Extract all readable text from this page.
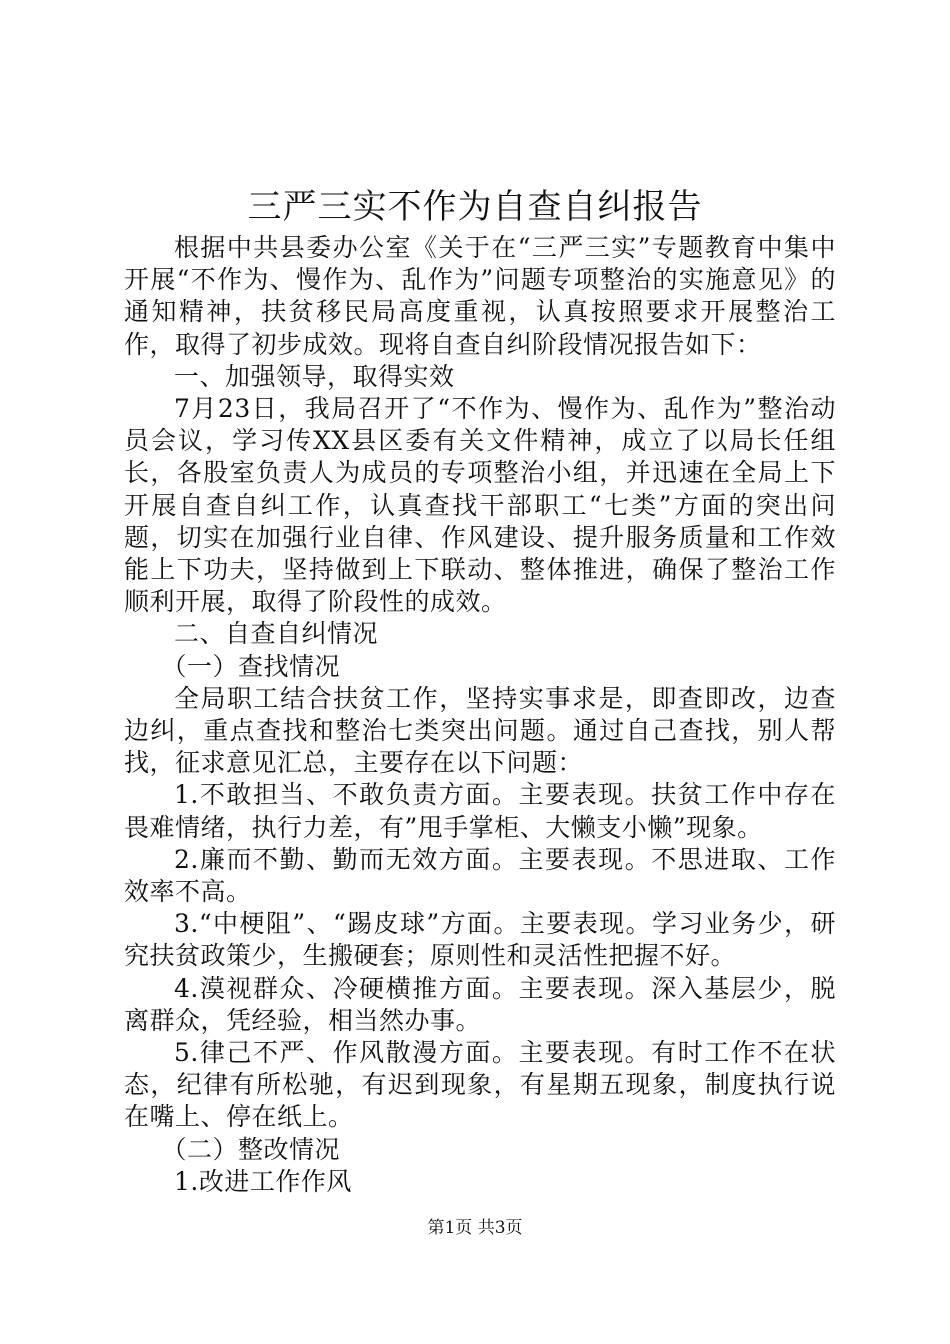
三严三实不作为自查自纠报告

根据中共县委办公室《关于在“三严三实”专题教育中集中开展“不作为、慢作为、乱作为”问题专项整治的实施意见》的通知精神，扶贫移民局高度重视，认真按照要求开展整治工作，取得了初步成效。现将自查自纠阶段情况报告如下：

一、加强领导，取得实效

7月23日，我局召开了“不作为、慢作为、乱作为”整治动员会议，学习传XX县区委有关文件精神，成立了以局长任组长，各股室负责人为成员的专项整治小组，并迅速在全局上下开展自查自纠工作，认真查找干部职工“七类”方面的突出问题，切实在加强行业自律、作风建设、提升服务质量和工作效能上下功夫，坚持做到上下联动、整体推进，确保了整治工作顺利开展，取得了阶段性的成效。

二、自查自纠情况

（一）查找情况

全局职工结合扶贫工作，坚持实事求是，即查即改，边查边纠，重点查找和整治七类突出问题。通过自己查找，别人帮找，征求意见汇总，主要存在以下问题：

1.不敢担当、不敢负责方面。主要表现。扶贫工作中存在畏难情绪，执行力差，有”甩手掌柜、大懒支小懒”现象。

2.廉而不勤、勤而无效方面。主要表现。不思进取、工作效率不高。

3.“中梗阻”、“踢皮球”方面。主要表现。学习业务少，研究扶贫政策少，生搬硬套；原则性和灵活性把握不好。

4.漠视群众、冷硬横推方面。主要表现。深入基层少，脱离群众，凭经验，相当然办事。

5.律己不严、作风散漫方面。主要表现。有时工作不在状态，纪律有所松驰，有迟到现象，有星期五现象，制度执行说在嘴上、停在纸上。

（二）整改情况

1.改进工作作风

第1页 共3页
